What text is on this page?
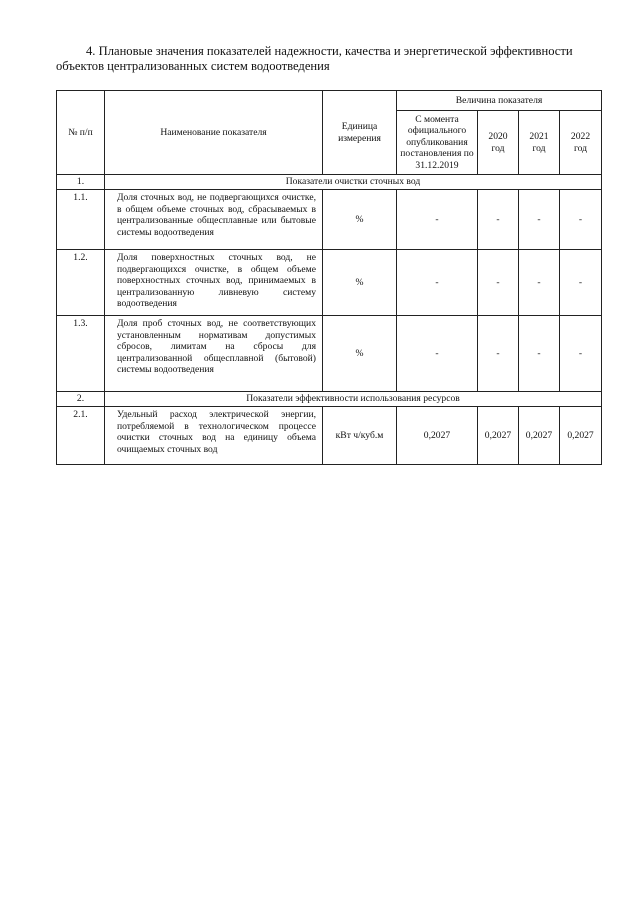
4. Плановые значения показателей надежности, качества и энергетической эффективности
объектов централизованных систем водоотведения
№ п/п	Наименование показателя	Единица измерения	Величина показателя			
			С момента официального опубликования постановления по 31.12.2019	2020 год	2021 год	2022 год
1.	Показатели очистки сточных вод					
1.1.	Доля сточных вод, не подвергающихся очистке, в общем объеме сточных вод, сбрасываемых в централизованные общесплавные или бытовые системы водоотведения	%	-	-	-	-
1.2.	Доля поверхностных сточных вод, не подвергающихся очистке, в общем объеме поверхностных сточных вод, принимаемых в централизованную ливневую систему водоотведения	%	-	-	-	-
1.3.	Доля проб сточных вод, не соответствующих установленным нормативам допустимых сбросов, лимитам на сбросы для централизованной общесплавной (бытовой) системы водоотведения	%	-	-	-	-
2.	Показатели эффективности использования ресурсов					
2.1.	Удельный расход электрической энергии, потребляемой в технологическом процессе очистки сточных вод на единицу объема очищаемых сточных вод	кВт ч/куб.м	0,2027	0,2027	0,2027	0,2027
